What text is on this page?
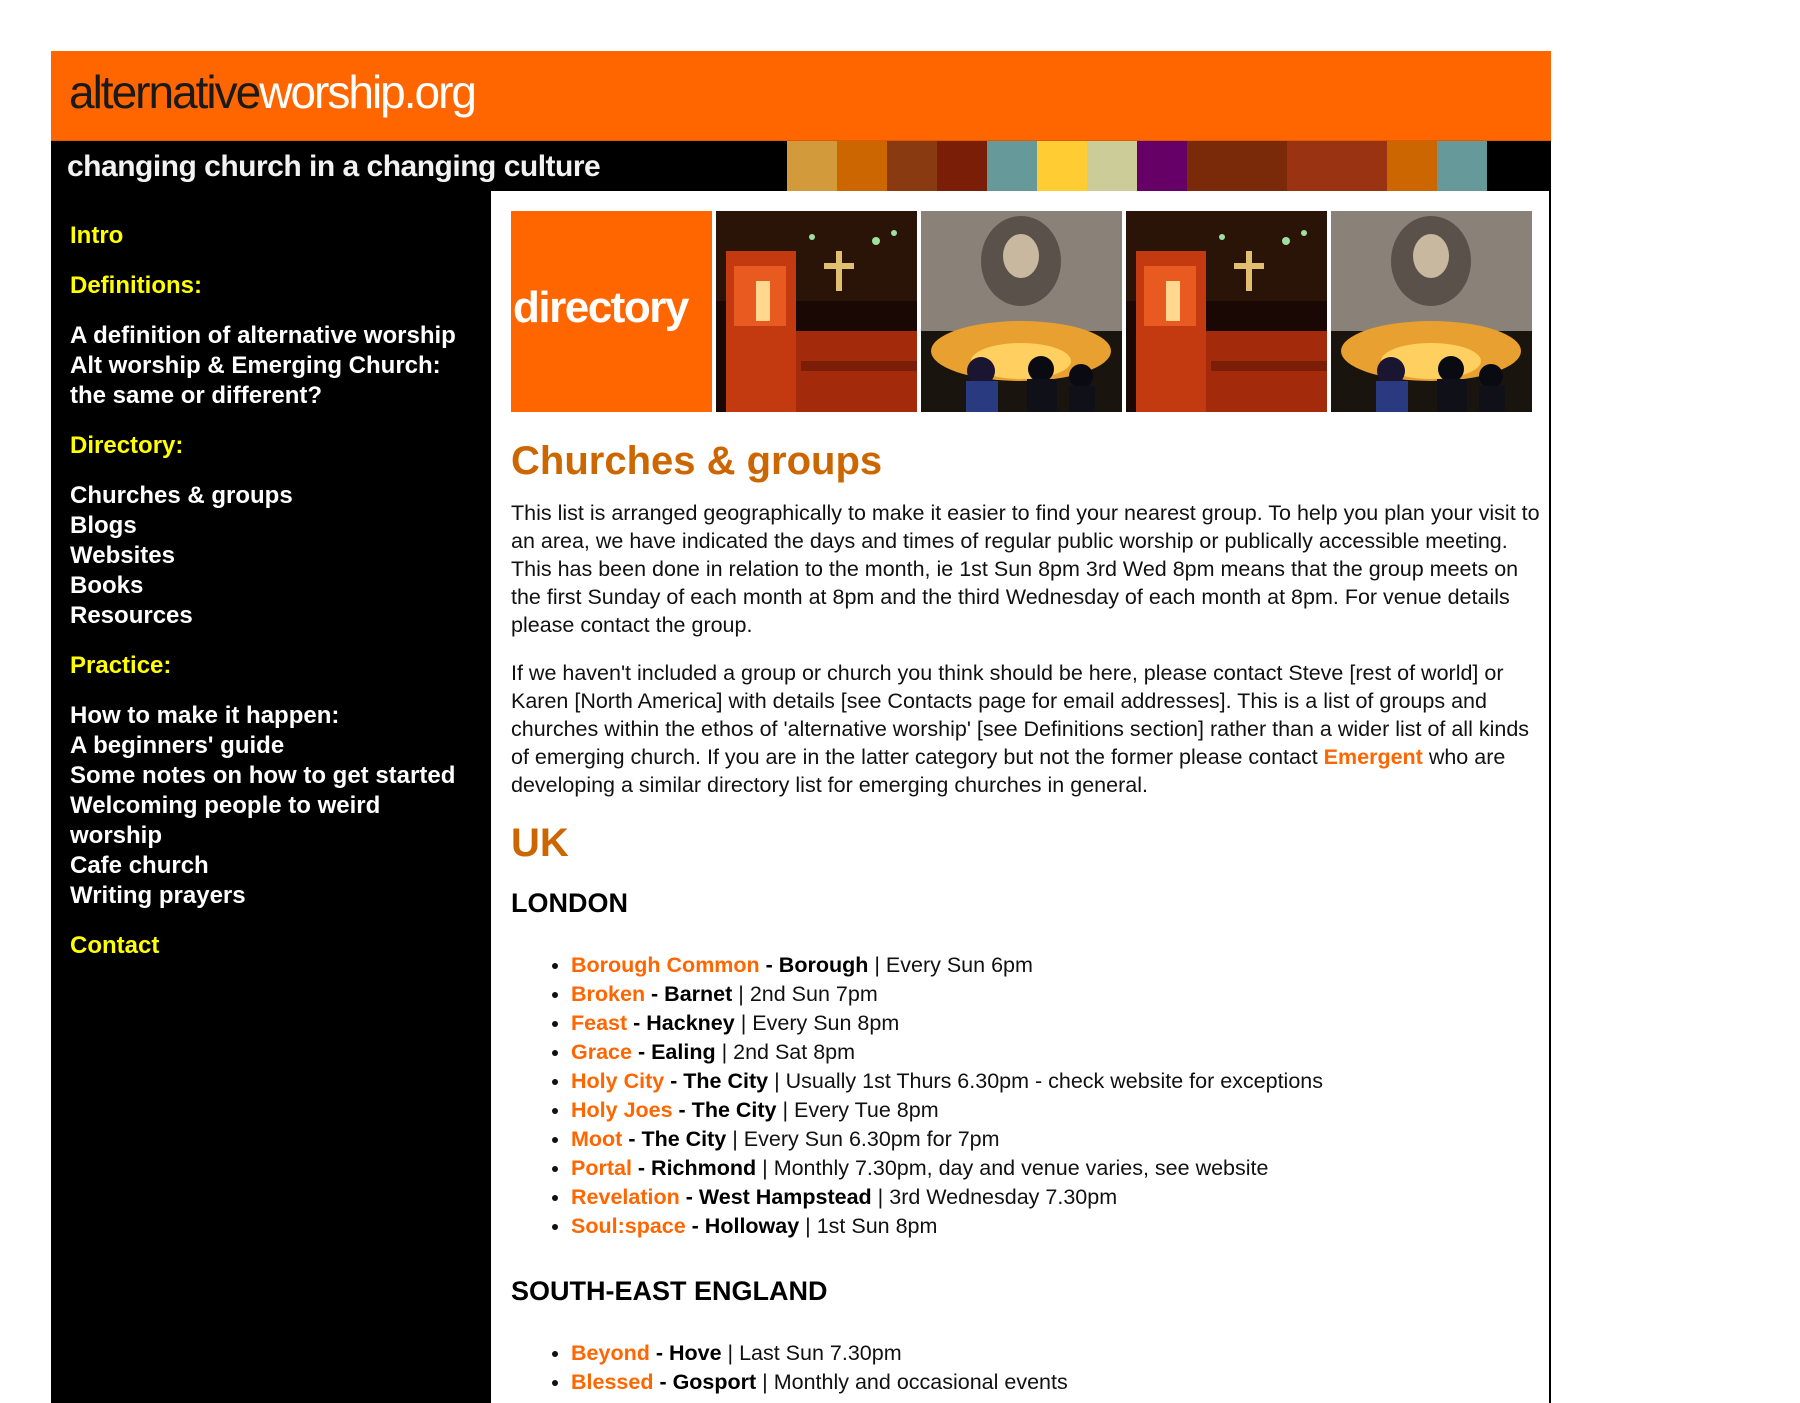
alternativeworship.org
changing church in a changing culture
Intro
Definitions:
A definition of alternative worship
Alt worship & Emerging Church:
the same or different?
Directory:
Churches & groups
Blogs
Websites
Books
Resources
Practice:
How to make it happen:
A beginners' guide
Some notes on how to get started
Welcoming people to weird
worship
Cafe church
Writing prayers
Contact
directory
Churches & groups

This list is arranged geographically to make it easier to find your nearest group. To help you plan your visit to an area, we have indicated the days and times of regular public worship or publically accessible meeting. This has been done in relation to the month, ie 1st Sun 8pm 3rd Wed 8pm means that the group meets on the first Sunday of each month at 8pm and the third Wednesday of each month at 8pm. For venue details please contact the group.

If we haven't included a group or church you think should be here, please contact Steve [rest of world] or Karen [North America] with details [see Contacts page for email addresses]. This is a list of groups and churches within the ethos of 'alternative worship' [see Definitions section] rather than a wider list of all kinds of emerging church. If you are in the latter category but not the former please contact Emergent who are developing a similar directory list for emerging churches in general.

UK
LONDON
• Borough Common - Borough | Every Sun 6pm
• Broken - Barnet | 2nd Sun 7pm
• Feast - Hackney | Every Sun 8pm
• Grace - Ealing | 2nd Sat 8pm
• Holy City - The City | Usually 1st Thurs 6.30pm - check website for exceptions
• Holy Joes - The City | Every Tue 8pm
• Moot - The City | Every Sun 6.30pm for 7pm
• Portal - Richmond | Monthly 7.30pm, day and venue varies, see website
• Revelation - West Hampstead | 3rd Wednesday 7.30pm
• Soul:space - Holloway | 1st Sun 8pm
SOUTH-EAST ENGLAND
• Beyond - Hove | Last Sun 7.30pm
• Blessed - Gosport | Monthly and occasional events
